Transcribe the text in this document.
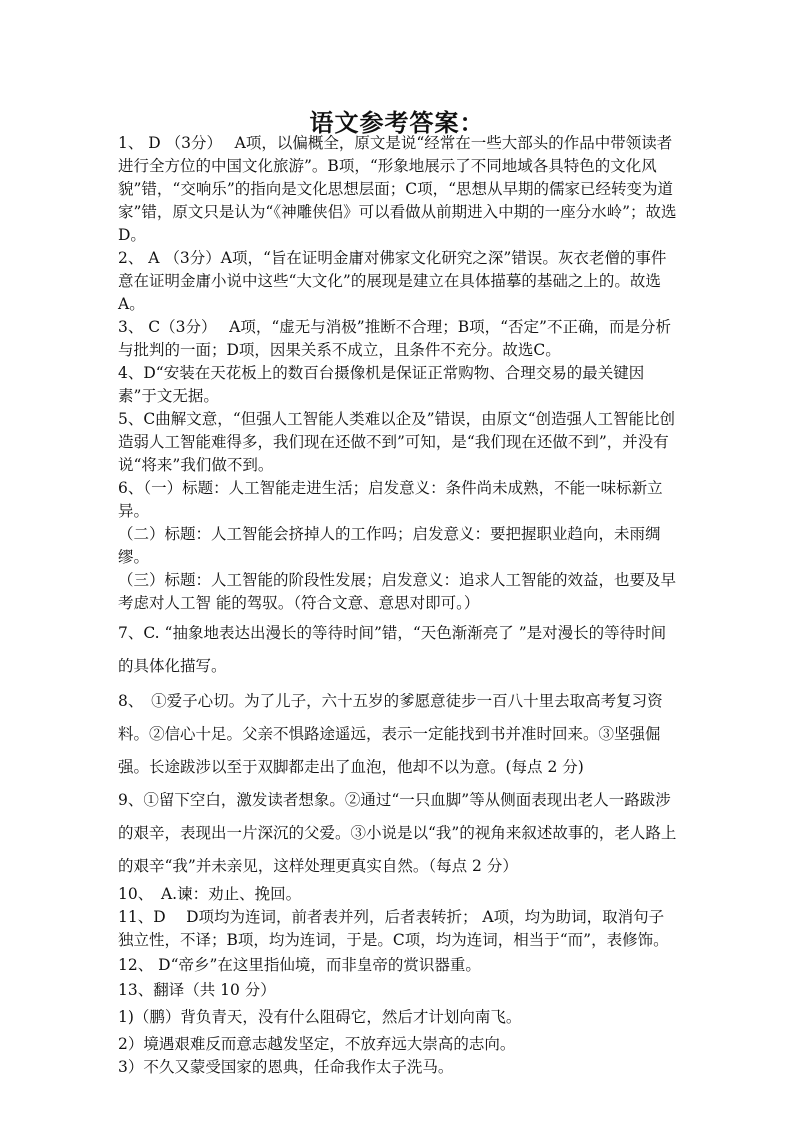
语文参考答案：

1、 D （3分）　 A项，以偏概全，原文是说“经常在一些大部头的作品中带领读者进行全方位的中国文化旅游”。B项，“形象地展示了不同地域各具特色的文化风貌”错，“交响乐”的指向是文化思想层面；C项，“思想从早期的儒家已经转变为道家”错，原文只是认为“《神雕侠侣》可以看做从前期进入中期的一座分水岭”；故选D。

2、 A （3分）A项，“旨在证明金庸对佛家文化研究之深”错误。灰衣老僧的事件意在证明金庸小说中这些“大文化”的展现是建立在具体描摹的基础之上的。故选A。

3、 C（3分）　 A项，“虚无与消极”推断不合理；B项，“否定”不正确，而是分析与批判的一面；D项，因果关系不成立，且条件不充分。故选C。

4、D“安装在天花板上的数百台摄像机是保证正常购物、合理交易的最关键因素”于文无据。

5、C曲解文意，“但强人工智能人类难以企及”错误，由原文“创造强人工智能比创造弱人工智能难得多，我们现在还做不到”可知，是“我们现在还做不到”，并没有说“将来”我们做不到。

6、（一）标题：人工智能走进生活；启发意义：条件尚未成熟，不能一味标新立异。

（二）标题：人工智能会挤掉人的工作吗；启发意义：要把握职业趋向，未雨绸缪。

（三）标题：人工智能的阶段性发展；启发意义：追求人工智能的效益，也要及早考虑对人工智 能的驾驭。（符合文意、意思对即可。）

7、C. “抽象地表达出漫长的等待时间”错，“天色渐渐亮了 ”是对漫长的等待时间的具体化描写。

8、　①爱子心切。为了儿子，六十五岁的爹愿意徒步一百八十里去取高考复习资料。②信心十足。父亲不惧路途遥远，表示一定能找到书并准时回来。③坚强倔强。长途跋涉以至于双脚都走出了血泡，他却不以为意。(每点 2 分)

9、①留下空白，激发读者想象。②通过“一只血脚”等从侧面表现出老人一路跋涉的艰辛，表现出一片深沉的父爱。③小说是以“我”的视角来叙述故事的，老人路上的艰辛“我”并未亲见，这样处理更真实自然。（每点 2 分）

10、　A.谏：劝止、挽回。

11、D　 D项均为连词，前者表并列，后者表转折； A项，均为助词，取消句子独立性，不译；B项，均为连词，于是。C项，均为连词，相当于“而”，表修饰。

12、 D“帝乡”在这里指仙境，而非皇帝的赏识器重。

13、翻译（共 10 分）

1)（鹏）背负青天，没有什么阻碍它，然后才计划向南飞。

2）境遇艰难反而意志越发坚定，不放弃远大崇高的志向。

3）不久又蒙受国家的恩典，任命我作太子洗马。
